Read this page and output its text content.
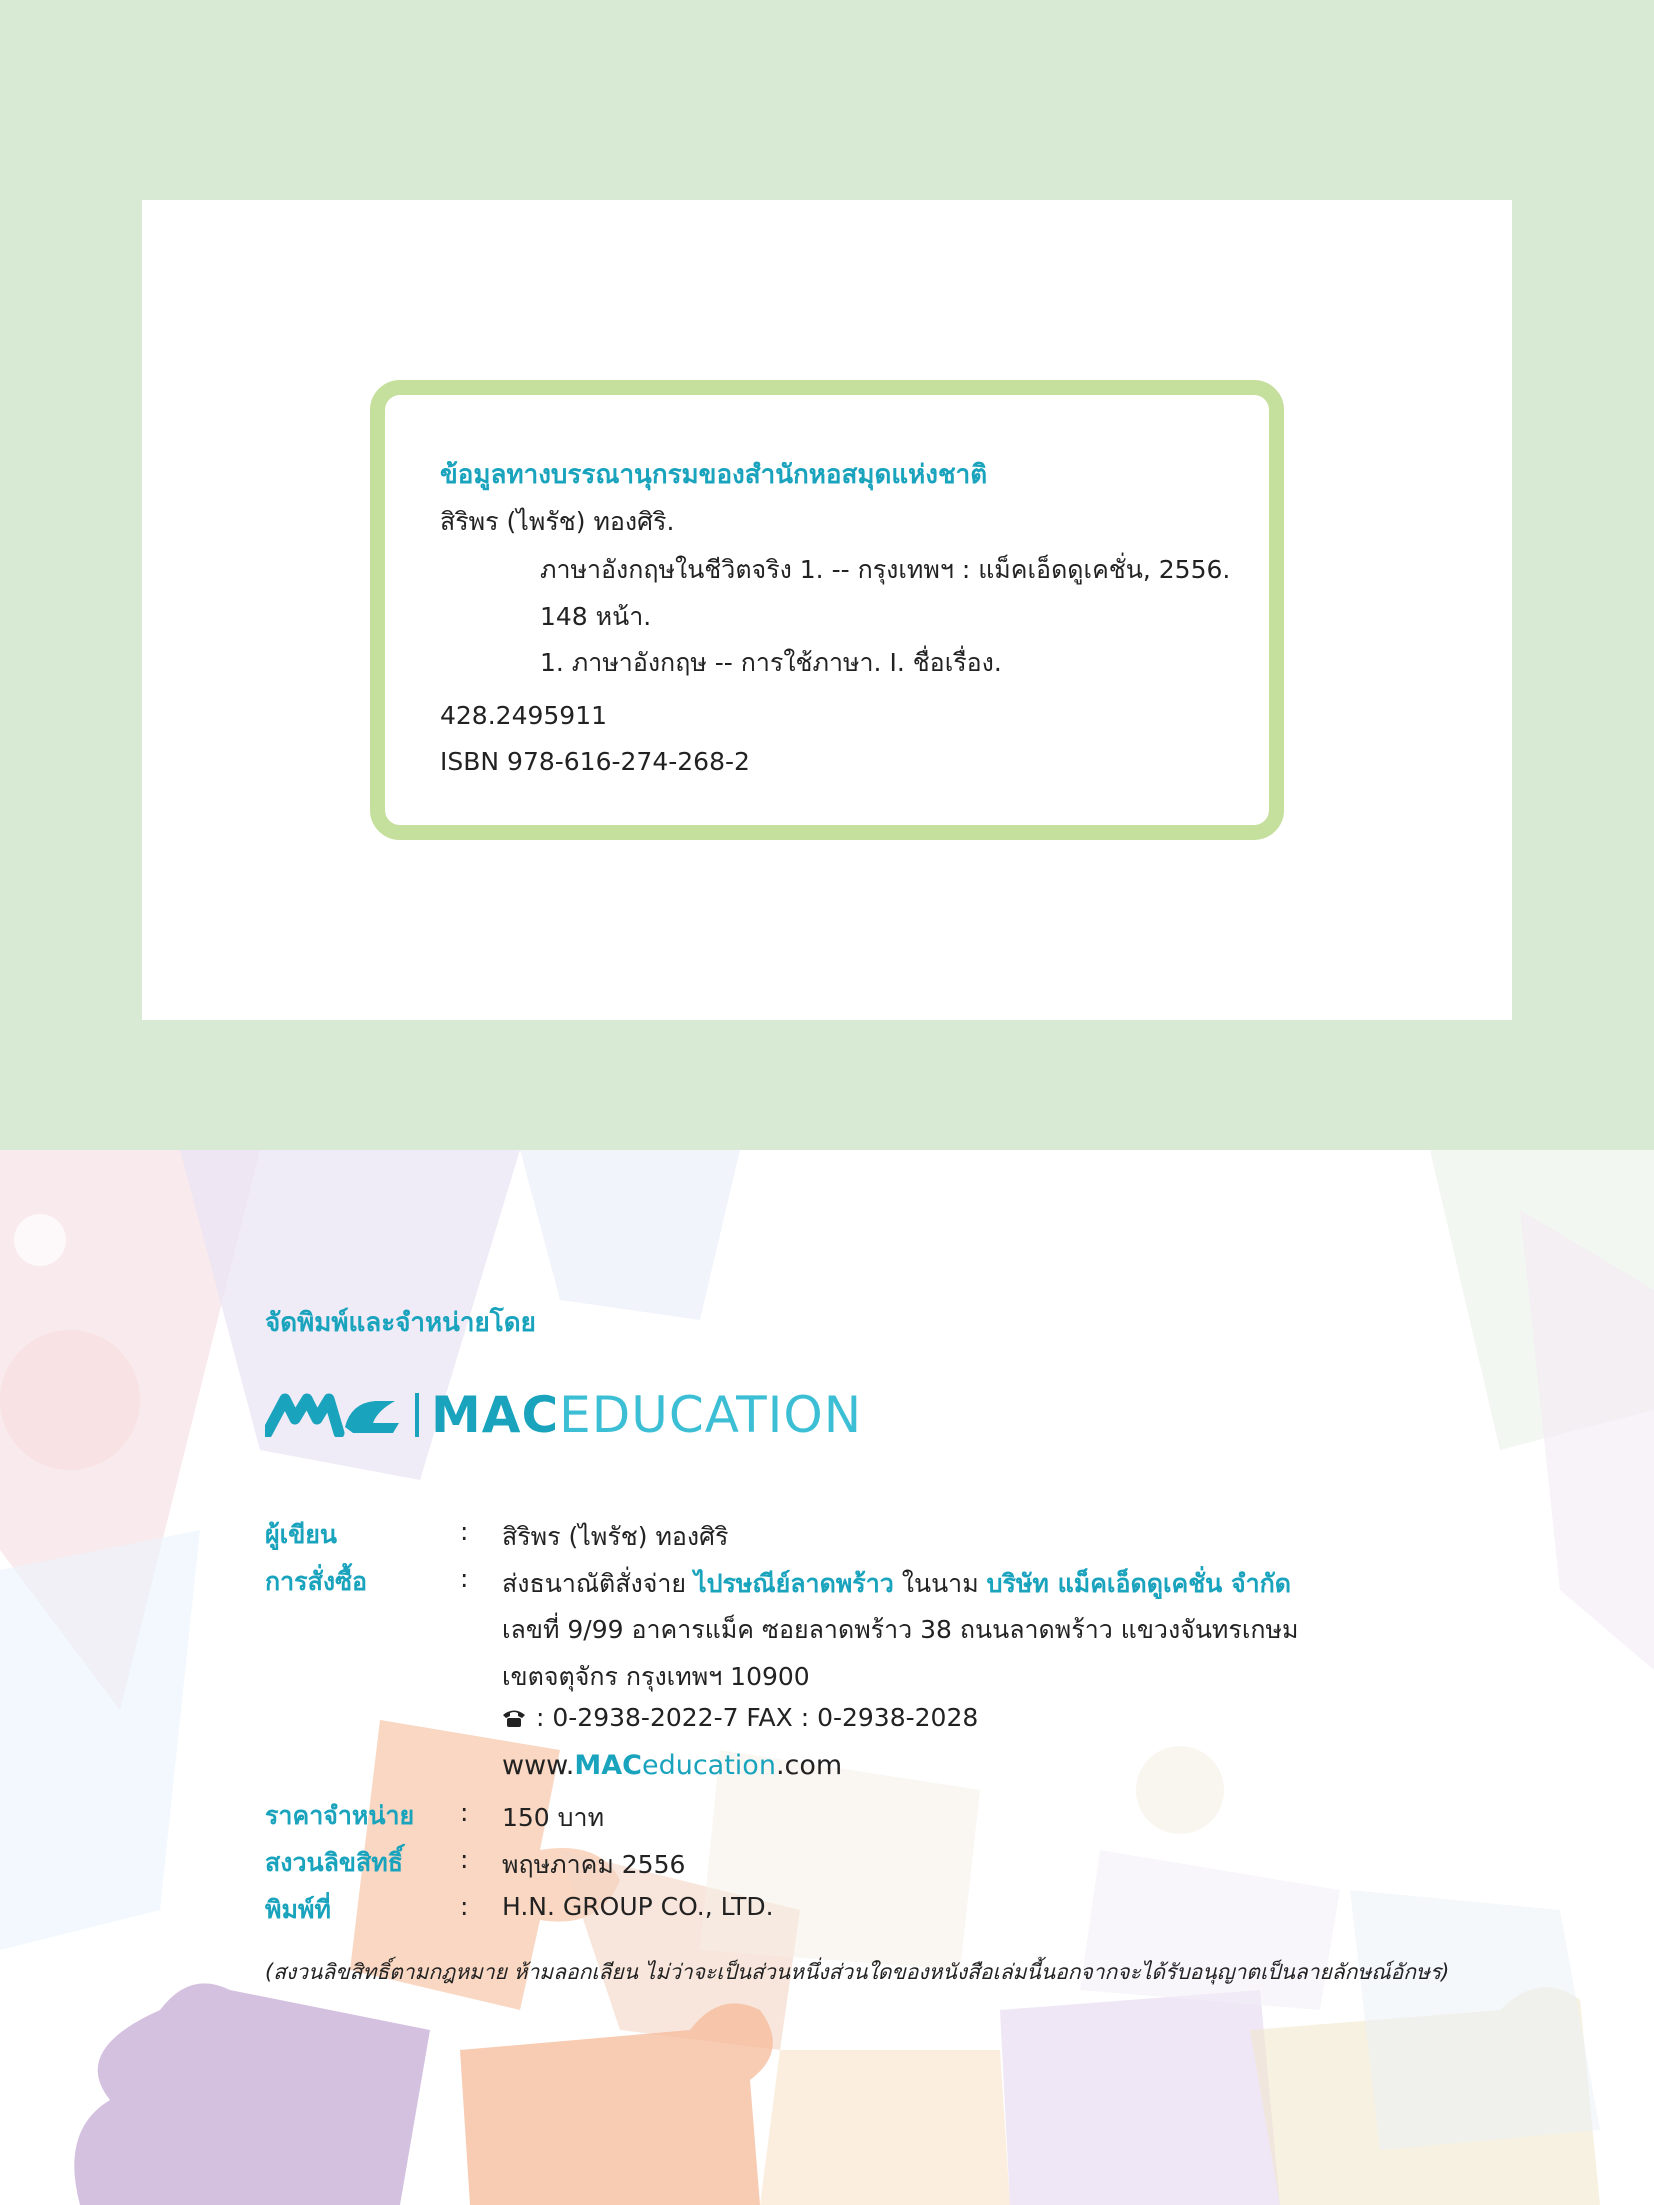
ข้อมูลทางบรรณานุกรมของสำนักหอสมุดแห่งชาติ
สิริพร (ไพรัช) ทองศิริ.
ภาษาอังกฤษในชีวิตจริง 1. -- กรุงเทพฯ : แม็คเอ็ดดูเคชั่น, 2556.
148 หน้า.
1. ภาษาอังกฤษ -- การใช้ภาษา. I. ชื่อเรื่อง.
428.2495911
ISBN 978-616-274-268-2
จัดพิมพ์และจำหน่ายโดย
MACEDUCATION
ผู้เขียน	: สิริพร (ไพรัช) ทองศิริ
การสั่งซื้อ	: ส่งธนาณัติสั่งจ่าย ไปรษณีย์ลาดพร้าว ในนาม บริษัท แม็คเอ็ดดูเคชั่น จำกัด
เลขที่ 9/99 อาคารแม็ค ซอยลาดพร้าว 38 ถนนลาดพร้าว แขวงจันทรเกษม
เขตจตุจักร กรุงเทพฯ 10900
: 0-2938-2022-7 FAX : 0-2938-2028
www.MACeducation.com
ราคาจำหน่าย : 150 บาท
สงวนลิขสิทธิ์ : พฤษภาคม 2556
พิมพ์ที่	: H.N. GROUP CO., LTD.
(สงวนลิขสิทธิ์ตามกฎหมาย ห้ามลอกเลียน ไม่ว่าจะเป็นส่วนหนึ่งส่วนใดของหนังสือเล่มนี้นอกจากจะได้รับอนุญาตเป็นลายลักษณ์อักษร)
